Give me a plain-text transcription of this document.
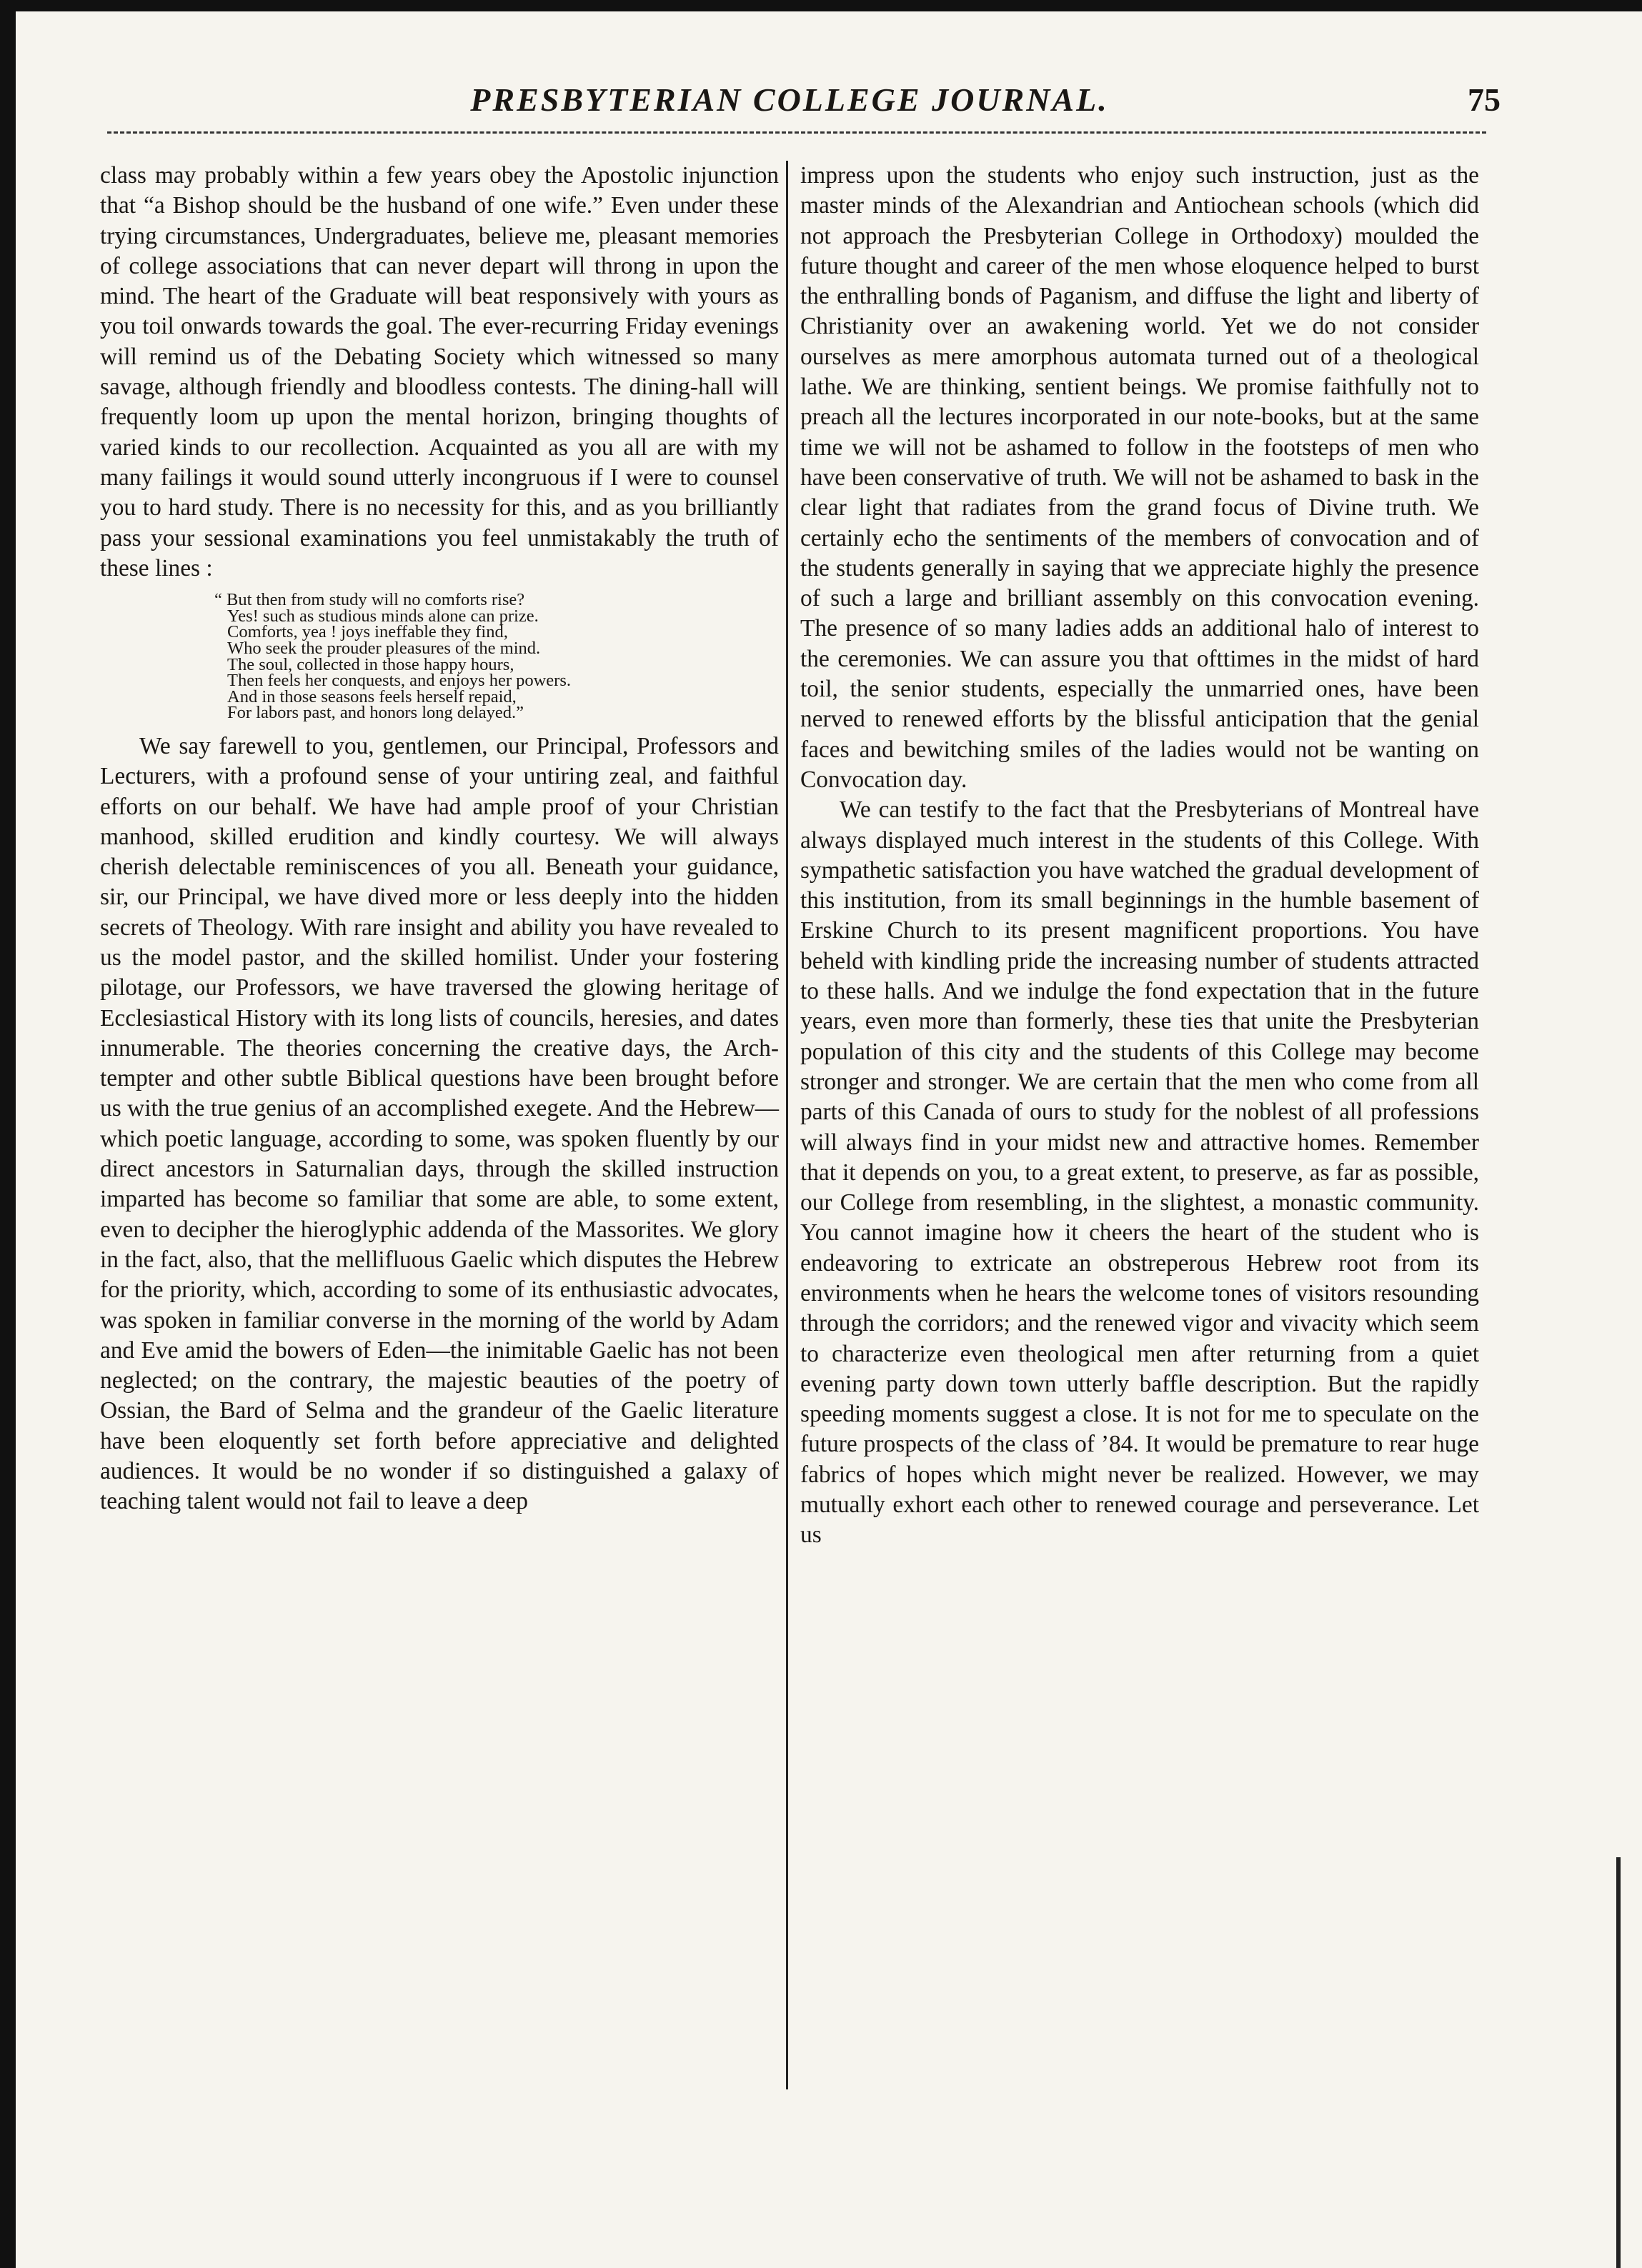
PRESBYTERIAN COLLEGE JOURNAL.	75

class may probably within a few years obey the Apostolic injunction that “a Bishop should be the husband of one wife.” Even under these trying circumstances, Undergraduates, believe me, pleasant memories of college associations that can never depart will throng in upon the mind. The heart of the Graduate will beat responsively with yours as you toil onwards towards the goal. The ever-recurring Friday evenings will remind us of the Debating Society which witnessed so many savage, although friendly and bloodless contests. The dining-hall will frequently loom up upon the mental horizon, bringing thoughts of varied kinds to our recollection. Acquainted as you all are with my many failings it would sound utterly incongruous if I were to counsel you to hard study. There is no necessity for this, and as you brilliantly pass your sessional examinations you feel unmistakably the truth of these lines :

“ But then from study will no comforts rise?
Yes! such as studious minds alone can prize.
Comforts, yea ! joys ineffable they find,
Who seek the prouder pleasures of the mind.
The soul, collected in those happy hours,
Then feels her conquests, and enjoys her powers.
And in those seasons feels herself repaid,
For labors past, and honors long delayed.”

We say farewell to you, gentlemen, our Principal, Professors and Lecturers, with a profound sense of your untiring zeal, and faithful efforts on our behalf. We have had ample proof of your Christian manhood, skilled erudition and kindly courtesy. We will always cherish delectable reminiscences of you all. Beneath your guidance, sir, our Principal, we have dived more or less deeply into the hidden secrets of Theology. With rare insight and ability you have revealed to us the model pastor, and the skilled homilist. Under your fostering pilotage, our Professors, we have traversed the glowing heritage of Ecclesiastical History with its long lists of councils, heresies, and dates innumerable. The theories concerning the creative days, the Arch-tempter and other subtle Biblical questions have been brought before us with the true genius of an accomplished exegete. And the Hebrew—which poetic language, according to some, was spoken fluently by our direct ancestors in Saturnalian days, through the skilled instruction imparted has become so familiar that some are able, to some extent, even to decipher the hieroglyphic addenda of the Massorites. We glory in the fact, also, that the mellifluous Gaelic which disputes the Hebrew for the priority, which, according to some of its enthusiastic advocates, was spoken in familiar converse in the morning of the world by Adam and Eve amid the bowers of Eden—the inimitable Gaelic has not been neglected; on the contrary, the majestic beauties of the poetry of Ossian, the Bard of Selma and the grandeur of the Gaelic literature have been eloquently set forth before appreciative and delighted audiences. It would be no wonder if so distinguished a galaxy of teaching talent would not fail to leave a deep

impress upon the students who enjoy such instruction, just as the master minds of the Alexandrian and Antiochean schools (which did not approach the Presbyterian College in Orthodoxy) moulded the future thought and career of the men whose eloquence helped to burst the enthralling bonds of Paganism, and diffuse the light and liberty of Christianity over an awakening world. Yet we do not consider ourselves as mere amorphous automata turned out of a theological lathe. We are thinking, sentient beings. We promise faithfully not to preach all the lectures incorporated in our note-books, but at the same time we will not be ashamed to follow in the footsteps of men who have been conservative of truth. We will not be ashamed to bask in the clear light that radiates from the grand focus of Divine truth. We certainly echo the sentiments of the members of convocation and of the students generally in saying that we appreciate highly the presence of such a large and brilliant assembly on this convocation evening. The presence of so many ladies adds an additional halo of interest to the ceremonies. We can assure you that ofttimes in the midst of hard toil, the senior students, especially the unmarried ones, have been nerved to renewed efforts by the blissful anticipation that the genial faces and bewitching smiles of the ladies would not be wanting on Convocation day.

We can testify to the fact that the Presbyterians of Montreal have always displayed much interest in the students of this College. With sympathetic satisfaction you have watched the gradual development of this institution, from its small beginnings in the humble basement of Erskine Church to its present magnificent proportions. You have beheld with kindling pride the increasing number of students attracted to these halls. And we indulge the fond expectation that in the future years, even more than formerly, these ties that unite the Presbyterian population of this city and the students of this College may become stronger and stronger. We are certain that the men who come from all parts of this Canada of ours to study for the noblest of all professions will always find in your midst new and attractive homes. Remember that it depends on you, to a great extent, to preserve, as far as possible, our College from resembling, in the slightest, a monastic community. You cannot imagine how it cheers the heart of the student who is endeavoring to extricate an obstreperous Hebrew root from its environments when he hears the welcome tones of visitors resounding through the corridors; and the renewed vigor and vivacity which seem to characterize even theological men after returning from a quiet evening party down town utterly baffle description. But the rapidly speeding moments suggest a close. It is not for me to speculate on the future prospects of the class of ’84. It would be premature to rear huge fabrics of hopes which might never be realized. However, we may mutually exhort each other to renewed courage and perseverance. Let us
